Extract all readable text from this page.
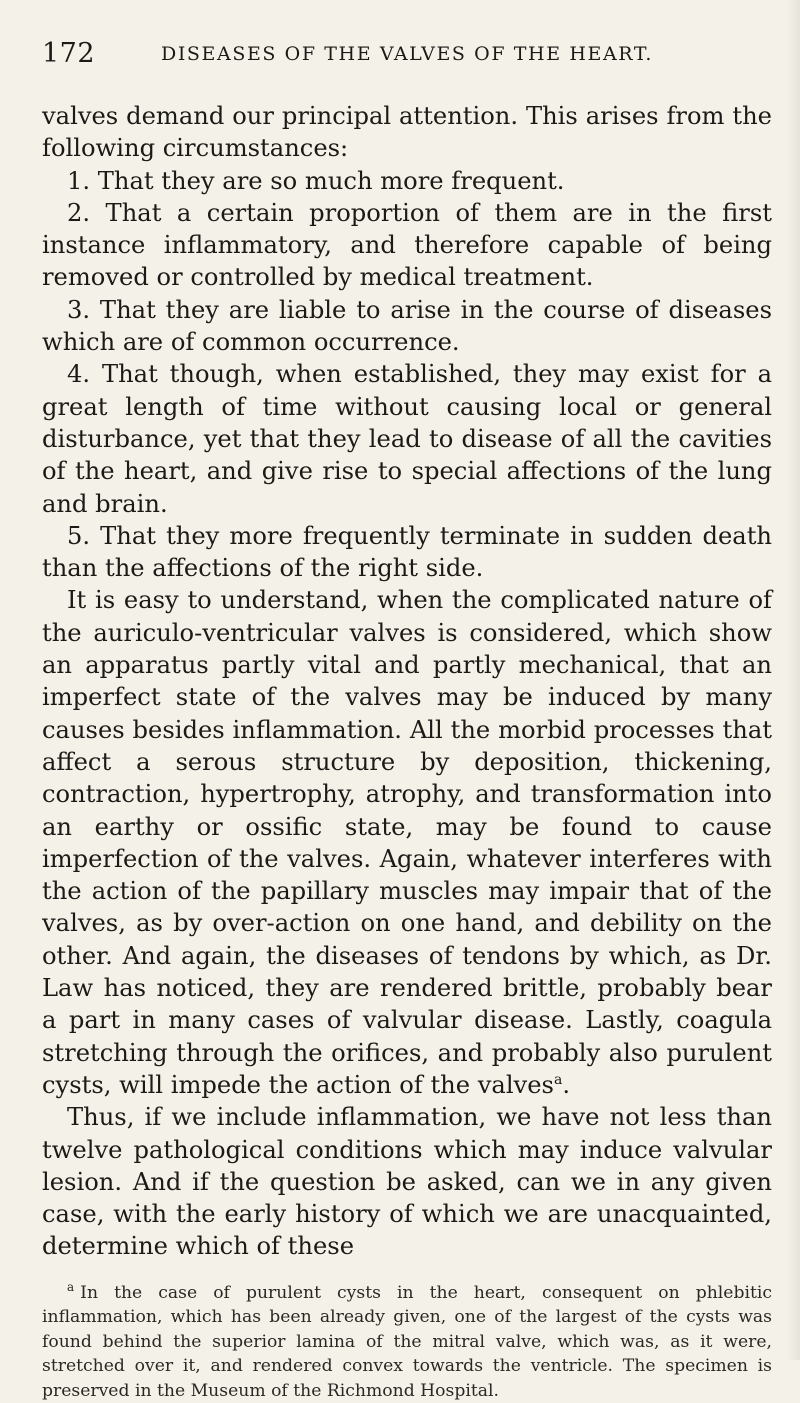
172	DISEASES OF THE VALVES OF THE HEART.

valves demand our principal attention. This arises from the following circumstances:

1. That they are so much more frequent.

2. That a certain proportion of them are in the first instance inflammatory, and therefore capable of being removed or controlled by medical treatment.

3. That they are liable to arise in the course of diseases which are of common occurrence.

4. That though, when established, they may exist for a great length of time without causing local or general disturbance, yet that they lead to disease of all the cavities of the heart, and give rise to special affections of the lung and brain.

5. That they more frequently terminate in sudden death than the affections of the right side.

It is easy to understand, when the complicated nature of the auriculo-ventricular valves is considered, which show an apparatus partly vital and partly mechanical, that an imperfect state of the valves may be induced by many causes besides inflammation. All the morbid processes that affect a serous structure by deposition, thickening, contraction, hypertrophy, atrophy, and transformation into an earthy or ossific state, may be found to cause imperfection of the valves. Again, whatever interferes with the action of the papillary muscles may impair that of the valves, as by over-action on one hand, and debility on the other. And again, the diseases of tendons by which, as Dr. Law has noticed, they are rendered brittle, probably bear a part in many cases of valvular disease. Lastly, coagula stretching through the orifices, and probably also purulent cysts, will impede the action of the valves$^a$.

Thus, if we include inflammation, we have not less than twelve pathological conditions which may induce valvular lesion. And if the question be asked, can we in any given case, with the early history of which we are unacquainted, determine which of these

$^a$ In the case of purulent cysts in the heart, consequent on phlebitic inflammation, which has been already given, one of the largest of the cysts was found behind the superior lamina of the mitral valve, which was, as it were, stretched over it, and rendered convex towards the ventricle. The specimen is preserved in the Museum of the Richmond Hospital.
